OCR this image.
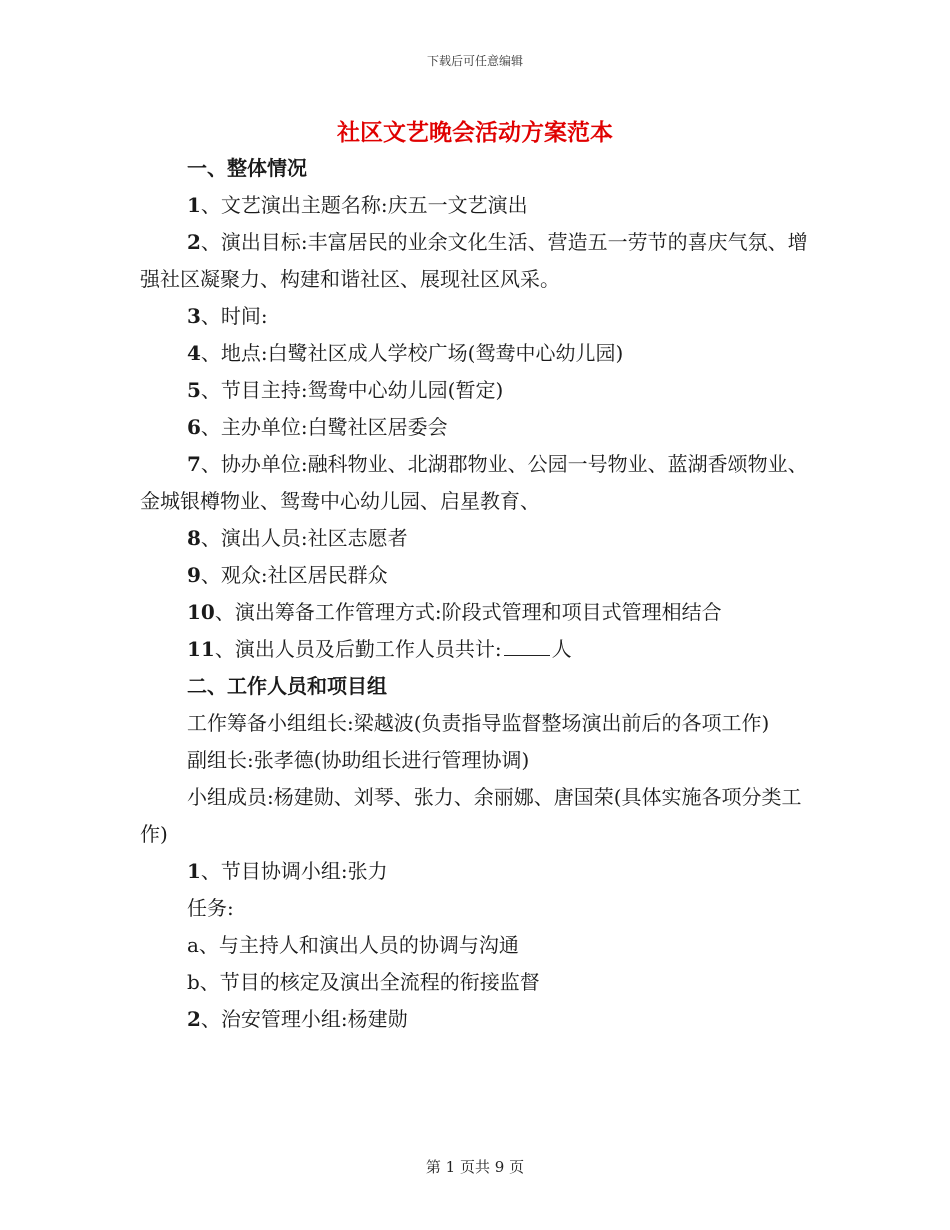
下载后可任意编辑
社区文艺晚会活动方案范本

一、整体情况

1、文艺演出主题名称:庆五一文艺演出

2、演出目标:丰富居民的业余文化生活、营造五一劳节的喜庆气氛、增强社区凝聚力、构建和谐社区、展现社区风采。

3、时间:

4、地点:白鹭社区成人学校广场(鸳鸯中心幼儿园)

5、节目主持:鸳鸯中心幼儿园(暂定)

6、主办单位:白鹭社区居委会

7、协办单位:融科物业、北湖郡物业、公园一号物业、蓝湖香颂物业、金城银樽物业、鸳鸯中心幼儿园、启星教育、

8、演出人员:社区志愿者

9、观众:社区居民群众

10、演出筹备工作管理方式:阶段式管理和项目式管理相结合

11、演出人员及后勤工作人员共计:	人

二、工作人员和项目组

工作筹备小组组长:梁越波(负责指导监督整场演出前后的各项工作)

副组长:张孝德(协助组长进行管理协调)

小组成员:杨建勋、刘琴、张力、余丽娜、唐国荣(具体实施各项分类工作)

1、节目协调小组:张力

任务:

a、与主持人和演出人员的协调与沟通

b、节目的核定及演出全流程的衔接监督

2、治安管理小组:杨建勋

第 1 页共 9 页
